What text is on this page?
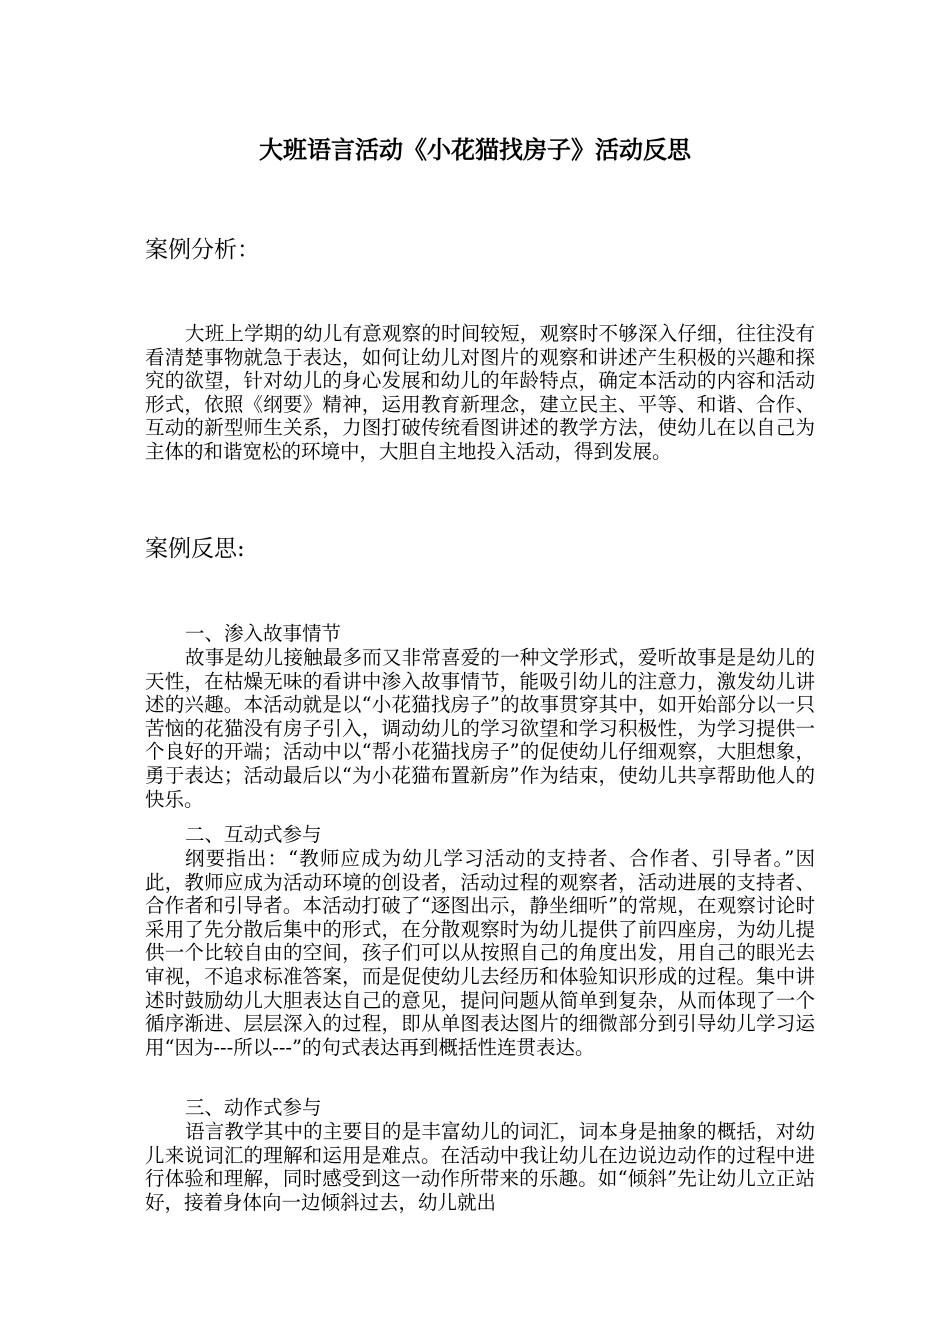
大班语言活动《小花猫找房子》活动反思
案例分析：

大班上学期的幼儿有意观察的时间较短，观察时不够深入仔细，往往没有看清楚事物就急于表达，如何让幼儿对图片的观察和讲述产生积极的兴趣和探究的欲望，针对幼儿的身心发展和幼儿的年龄特点，确定本活动的内容和活动形式，依照《纲要》精神，运用教育新理念，建立民主、平等、和谐、合作、互动的新型师生关系，力图打破传统看图讲述的教学方法，使幼儿在以自己为主体的和谐宽松的环境中，大胆自主地投入活动，得到发展。

案例反思:
一、渗入故事情节

故事是幼儿接触最多而又非常喜爱的一种文学形式，爱听故事是是幼儿的天性，在枯燥无味的看讲中渗入故事情节，能吸引幼儿的注意力，激发幼儿讲述的兴趣。本活动就是以“小花猫找房子”的故事贯穿其中，如开始部分以一只苦恼的花猫没有房子引入，调动幼儿的学习欲望和学习积极性，为学习提供一个良好的开端；活动中以“帮小花猫找房子”的促使幼儿仔细观察，大胆想象，勇于表达；活动最后以“为小花猫布置新房”作为结束，使幼儿共享帮助他人的快乐。

二、互动式参与

纲要指出：“教师应成为幼儿学习活动的支持者、合作者、引导者。”因此，教师应成为活动环境的创设者，活动过程的观察者，活动进展的支持者、合作者和引导者。本活动打破了“逐图出示，静坐细听”的常规，在观察讨论时采用了先分散后集中的形式，在分散观察时为幼儿提供了前四座房，为幼儿提供一个比较自由的空间，孩子们可以从按照自己的角度出发，用自己的眼光去审视，不追求标准答案，而是促使幼儿去经历和体验知识形成的过程。集中讲述时鼓励幼儿大胆表达自己的意见，提问问题从简单到复杂，从而体现了一个循序渐进、层层深入的过程，即从单图表达图片的细微部分到引导幼儿学习运用“因为---所以---”的句式表达再到概括性连贯表达。

三、动作式参与

语言教学其中的主要目的是丰富幼儿的词汇，词本身是抽象的概括，对幼儿来说词汇的理解和运用是难点。在活动中我让幼儿在边说边动作的过程中进行体验和理解，同时感受到这一动作所带来的乐趣。如“倾斜”先让幼儿立正站好，接着身体向一边倾斜过去，幼儿就出
